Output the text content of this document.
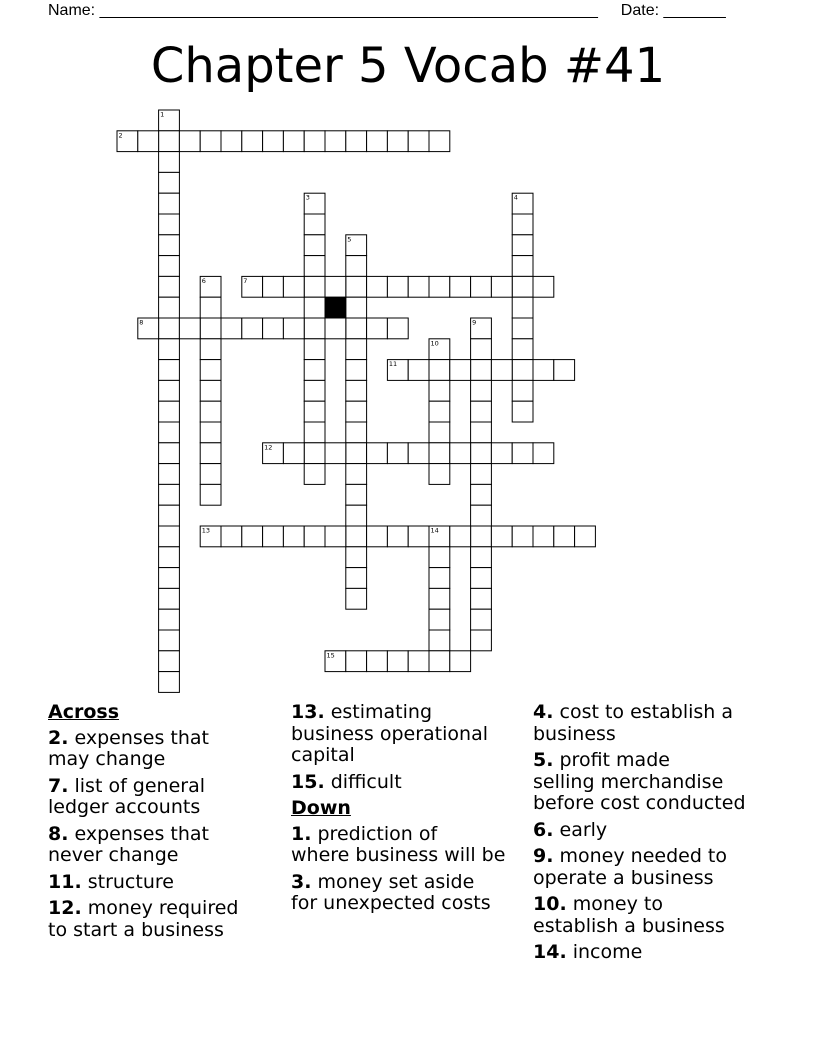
Name: ________________________________________________________ Date: _______
Chapter 5 Vocab #41
1
2
3	4
5
6	7
8	9
10
11
12
13	14
15
Across
2. expenses that
may change
7. list of general
ledger accounts
8. expenses that
never change
11. structure
12. money required
to start a business
13. estimating
business operational
capital
15. difficult
Down
1. prediction of
where business will be
3. money set aside
for unexpected costs
4. cost to establish a
business
5. profit made
selling merchandise
before cost conducted
6. early
9. money needed to
operate a business
10. money to
establish a business
14. income
